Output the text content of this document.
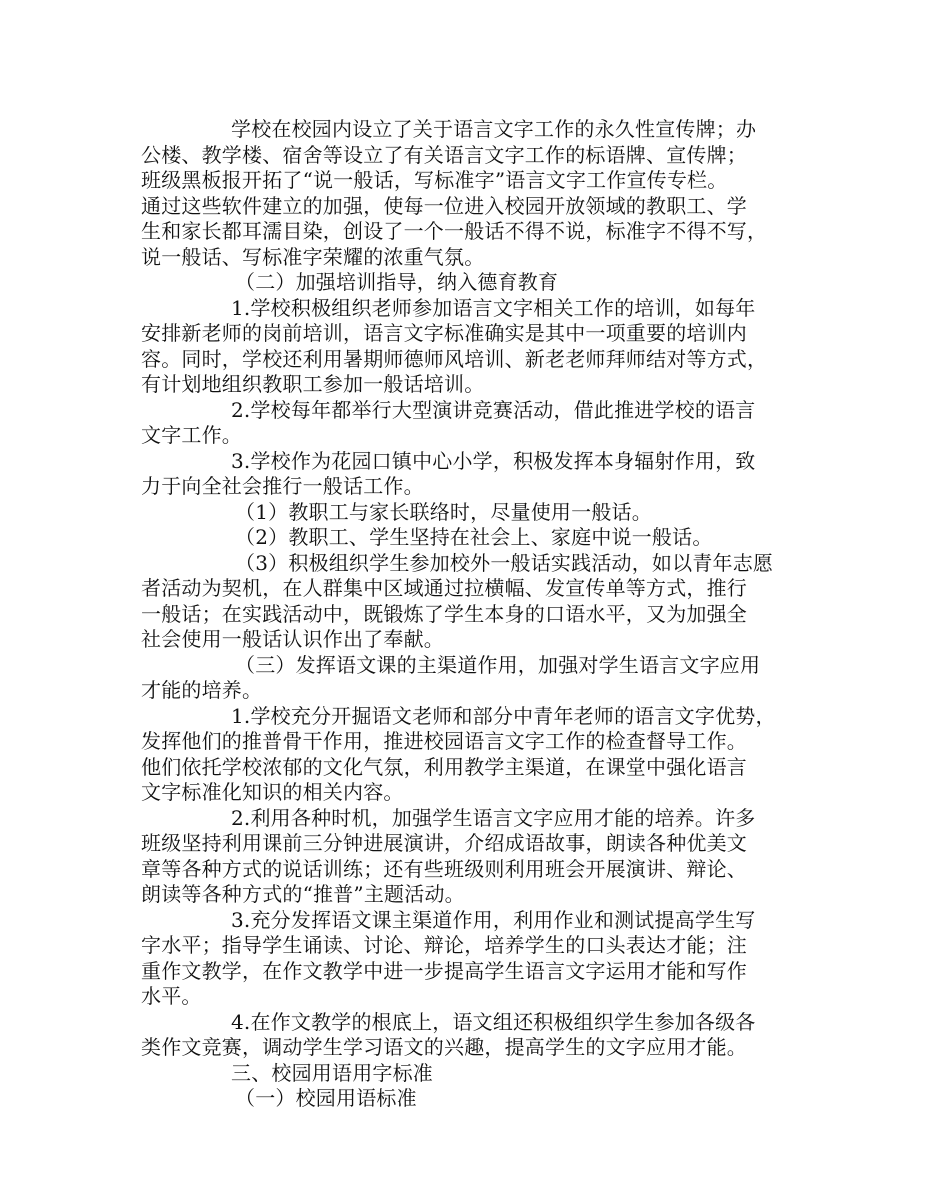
学校在校园内设立了关于语言文字工作的永久性宣传牌；办
公楼、教学楼、宿舍等设立了有关语言文字工作的标语牌、宣传牌；
班级黑板报开拓了“说一般话，写标准字”语言文字工作宣传专栏。
通过这些软件建立的加强，使每一位进入校园开放领域的教职工、学
生和家长都耳濡目染，创设了一个一般话不得不说，标准字不得不写，
说一般话、写标准字荣耀的浓重气氛。
（二）加强培训指导，纳入德育教育
1.学校积极组织老师参加语言文字相关工作的培训，如每年
安排新老师的岗前培训，语言文字标准确实是其中一项重要的培训内
容。同时，学校还利用暑期师德师风培训、新老老师拜师结对等方式，
有计划地组织教职工参加一般话培训。
2.学校每年都举行大型演讲竞赛活动，借此推进学校的语言
文字工作。
3.学校作为花园口镇中心小学，积极发挥本身辐射作用，致
力于向全社会推行一般话工作。
（1）教职工与家长联络时，尽量使用一般话。
（2）教职工、学生坚持在社会上、家庭中说一般话。
（3）积极组织学生参加校外一般话实践活动，如以青年志愿
者活动为契机，在人群集中区域通过拉横幅、发宣传单等方式，推行
一般话；在实践活动中，既锻炼了学生本身的口语水平，又为加强全
社会使用一般话认识作出了奉献。
（三）发挥语文课的主渠道作用，加强对学生语言文字应用
才能的培养。
1.学校充分开掘语文老师和部分中青年老师的语言文字优势，
发挥他们的推普骨干作用，推进校园语言文字工作的检查督导工作。
他们依托学校浓郁的文化气氛，利用教学主渠道，在课堂中强化语言
文字标准化知识的相关内容。
2.利用各种时机，加强学生语言文字应用才能的培养。许多
班级坚持利用课前三分钟进展演讲，介绍成语故事，朗读各种优美文
章等各种方式的说话训练；还有些班级则利用班会开展演讲、辩论、
朗读等各种方式的“推普”主题活动。
3.充分发挥语文课主渠道作用，利用作业和测试提高学生写
字水平；指导学生诵读、讨论、辩论，培养学生的口头表达才能；注
重作文教学，在作文教学中进一步提高学生语言文字运用才能和写作
水平。
4.在作文教学的根底上，语文组还积极组织学生参加各级各
类作文竞赛，调动学生学习语文的兴趣，提高学生的文字应用才能。
三、校园用语用字标准
（一）校园用语标准
